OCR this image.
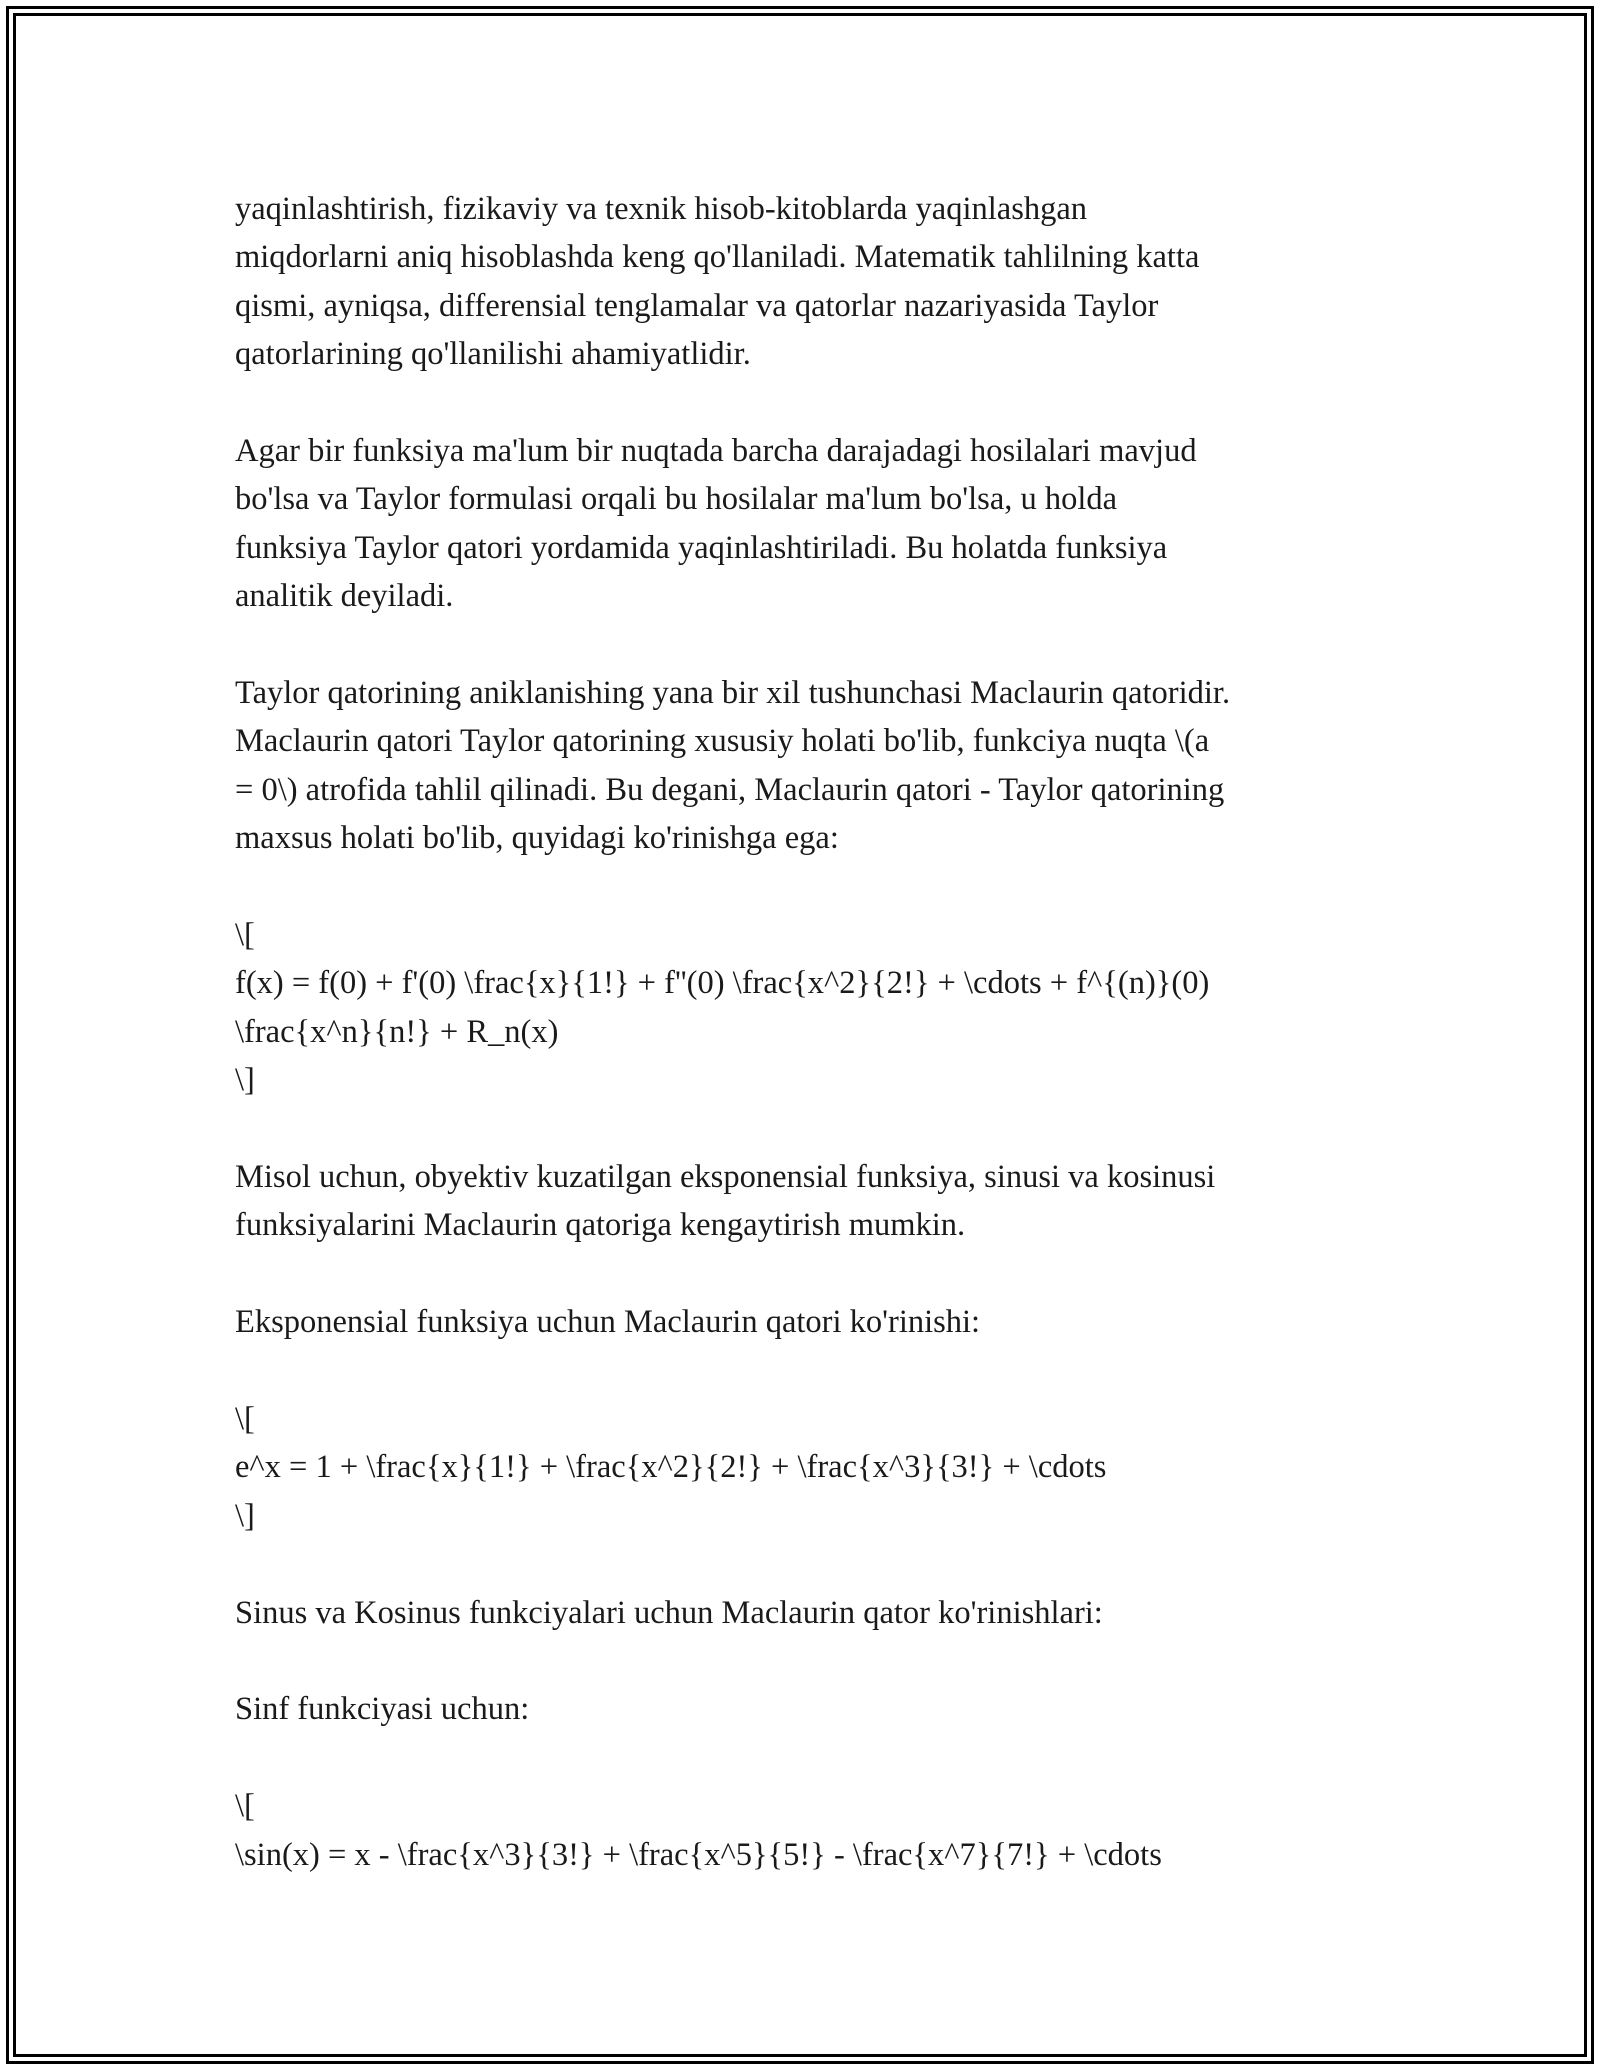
yaqinlashtirish, fizikaviy va texnik hisob-kitoblarda yaqinlashgan
miqdorlarni aniq hisoblashda keng qo'llaniladi. Matematik tahlilning katta
qismi, ayniqsa, differensial tenglamalar va qatorlar nazariyasida Taylor
qatorlarining qo'llanilishi ahamiyatlidir.

Agar bir funksiya ma'lum bir nuqtada barcha darajadagi hosilalari mavjud
bo'lsa va Taylor formulasi orqali bu hosilalar ma'lum bo'lsa, u holda
funksiya Taylor qatori yordamida yaqinlashtiriladi. Bu holatda funksiya
analitik deyiladi.

Taylor qatorining aniklanishing yana bir xil tushunchasi Maclaurin qatoridir.
Maclaurin qatori Taylor qatorining xususiy holati bo'lib, funkciya nuqta \(a
= 0\) atrofida tahlil qilinadi. Bu degani, Maclaurin qatori - Taylor qatorining
maxsus holati bo'lib, quyidagi ko'rinishga ega:

\[
f(x) = f(0) + f'(0) \frac{x}{1!} + f''(0) \frac{x^2}{2!} + \cdots + f^{(n)}(0)
\frac{x^n}{n!} + R_n(x)
\]

Misol uchun, obyektiv kuzatilgan eksponensial funksiya, sinusi va kosinusi
funksiyalarini Maclaurin qatoriga kengaytirish mumkin.

Eksponensial funksiya uchun Maclaurin qatori ko'rinishi:

\[
e^x = 1 + \frac{x}{1!} + \frac{x^2}{2!} + \frac{x^3}{3!} + \cdots
\]

Sinus va Kosinus funkciyalari uchun Maclaurin qator ko'rinishlari:

Sinf funkciyasi uchun:

\[
\sin(x) = x - \frac{x^3}{3!} + \frac{x^5}{5!} - \frac{x^7}{7!} + \cdots
